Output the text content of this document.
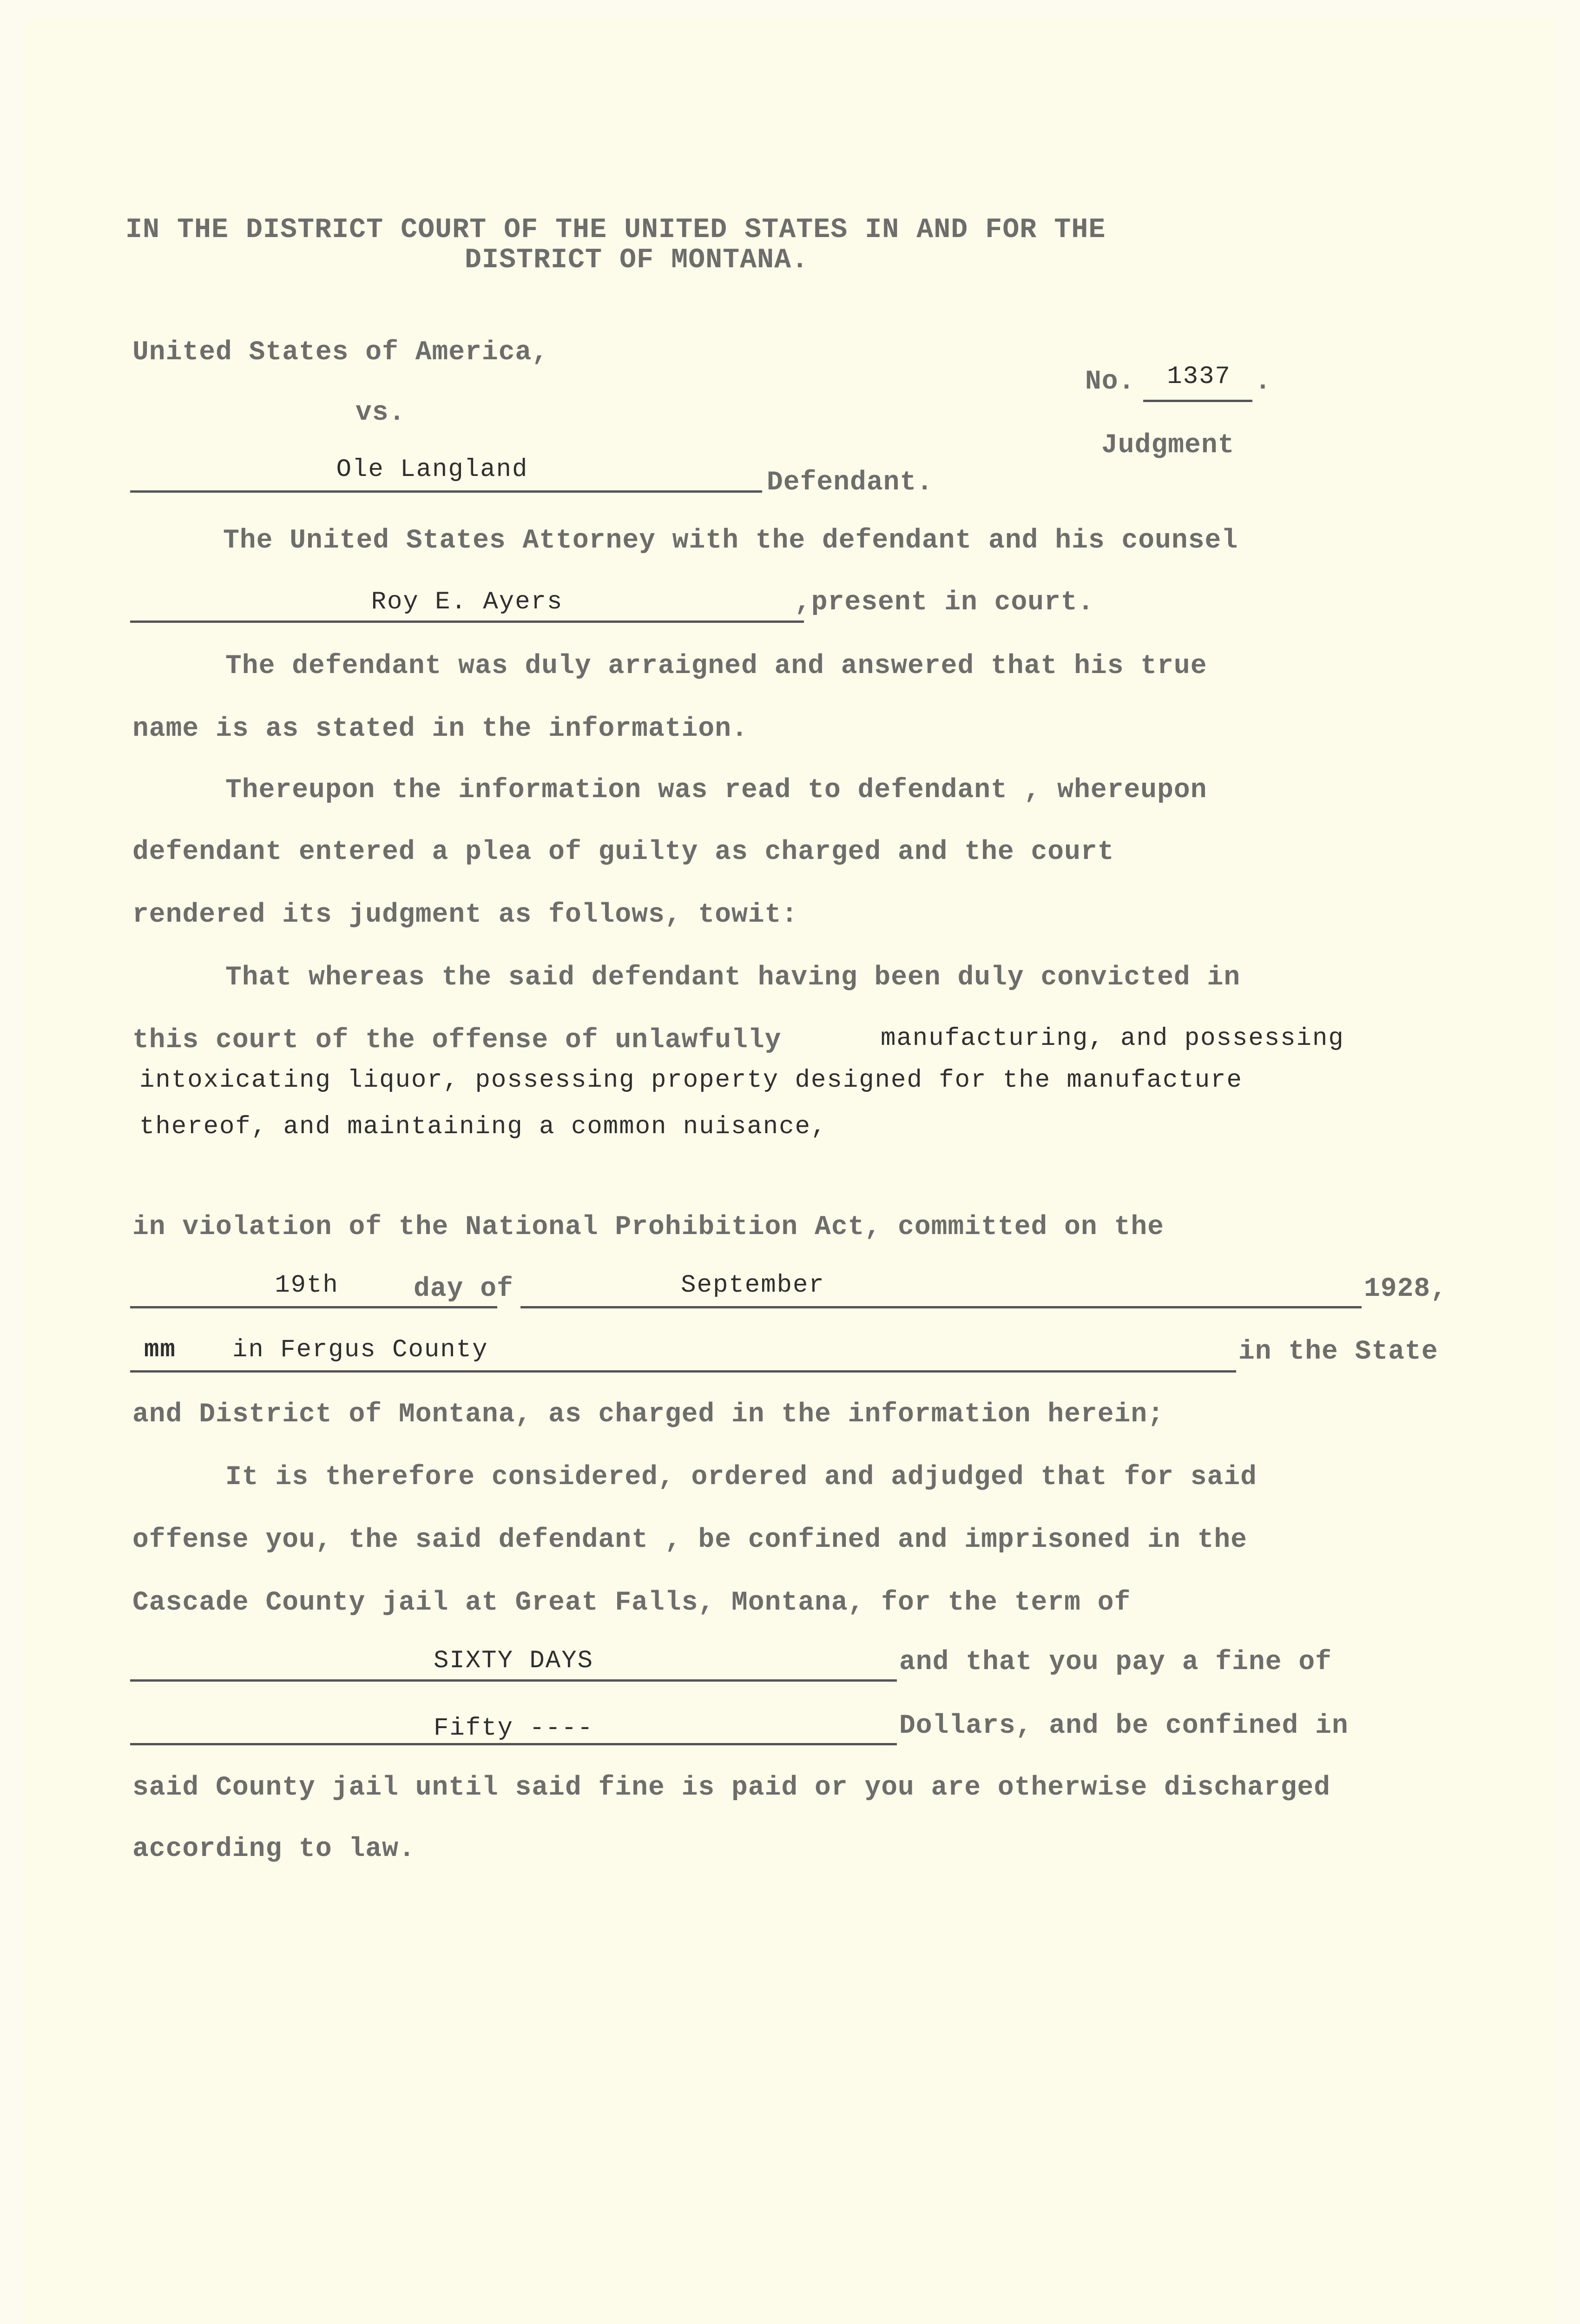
IN THE DISTRICT COURT OF THE UNITED STATES IN AND FOR THE
DISTRICT OF MONTANA.
United States of America,
vs.
No.	1337 .
Judgment
Ole Langland	Defendant.
The United States Attorney with the defendant and his counsel
Roy E. Ayers	,present in court.
The defendant was duly arraigned and answered that his true
name is as stated in the information.
Thereupon the information was read to defendant , whereupon
defendant entered a plea of guilty as charged and the court
rendered its judgment as follows, towit:
That whereas the said defendant having been duly convicted in
this court of the offense of unlawfully	manufacturing, and possessing
intoxicating liquor, possessing property designed for the manufacture
thereof, and maintaining a common nuisance,
in violation of the National Prohibition Act, committed on the
19th	day of	September	1928,
mm in Fergus County	in the State
and District of Montana, as charged in the information herein;
It is therefore considered, ordered and adjudged that for said
offense you, the said defendant , be confined and imprisoned in the
Cascade County jail at Great Falls, Montana, for the term of
SIXTY DAYS	and that you pay a fine of
Fifty ----	Dollars, and be confined in
said County jail until said fine is paid or you are otherwise discharged
according to law.
